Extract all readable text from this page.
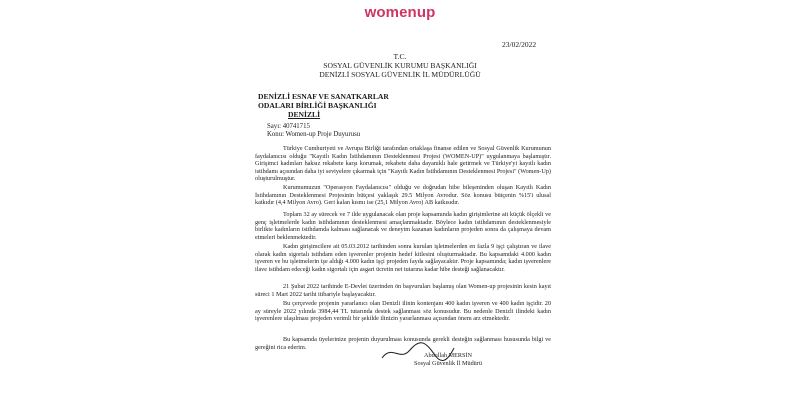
womenup
23/02/2022
T.C.
SOSYAL GÜVENLİK KURUMU BAŞKANLIĞI
DENİZLİ SOSYAL GÜVENLİK İL MÜDÜRLÜĞÜ
DENİZLİ ESNAF VE SANATKARLAR
ODALARI BİRLİĞİ BAŞKANLIĞI
DENİZLİ
Sayı: 40741715
Konu: Women-up Proje Duyurusu

Türkiye Cumhuriyeti ve Avrupa Birliği tarafından ortaklaşa finanse edilen ve Sosyal Güvenlik Kurumunun faydalanıcısı olduğu "Kayıtlı Kadın İstihdamının Desteklenmesi Projesi (WOMEN-UP)" uygulanmaya başlamıştır. Girişimci kadınları haksız rekabete karşı korumak, rekabete daha dayanıklı hale getirmek ve Türkiye'yi kayıtlı kadın istihdamı açısından daha iyi seviyelere çıkarmak için "Kayıtlı Kadın İstihdamının Desteklenmesi Projesi" (Women-Up) oluşturulmuştur.

Kurumumuzun "Operasyon Faydalanıcısı" olduğu ve doğrudan hibe bileşeninden oluşan Kayıtlı Kadın İstihdamının Desteklenmesi Projesinin bütçesi yaklaşık 29.5 Milyon Avrodur. Söz konusu bütçenin %15'i ulusal katkıdır (4,4 Milyon Avro). Geri kalan kısmı ise (25,1 Milyon Avro) AB katkısıdır.

Toplam 32 ay sürecek ve 7 ilde uygulanacak olan proje kapsamında kadın girişimlerine ait küçük ölçekli ve genç işletmelerde kadın istihdamının desteklenmesi amaçlanmaktadır. Böylece kadın istihdamının desteklenmesiyle birlikte kadınların istihdamda kalması sağlanacak ve deneyim kazanan kadınların projeden sonra da çalışmaya devam etmeleri beklenmektedir.

Kadın girişimcilere ait 05.03.2012 tarihinden sonra kurulan işletmelerden en fazla 9 işçi çalıştıran ve ilave olarak kadın sigortalı istihdam eden işverenler projenin hedef kitlesini oluşturmaktadır. Bu kapsamdaki 4.000 kadın işveren ve bu işletmelerin işe aldığı 4.000 kadın işçi projeden fayda sağlayacaktır. Proje kapsamında; kadın işverenlere ilave istihdam edeceği kadın sigortalı için asgari ücretin net tutarına kadar hibe desteği sağlanacaktır.

21 Şubat 2022 tarihinde E-Devlet üzerinden ön başvuruları başlamış olan Women-up projesinin kesin kayıt süreci 1 Mart 2022 tarihi itibariyle başlayacaktır.

Bu çerçevede projenin yararlanıcı olan Denizli ilinin kontenjanı 400 kadın işveren ve 400 kadın işçidir. 20 ay süreyle 2022 yılında 3984,44 TL tutarında destek sağlanması söz konusudur. Bu nedenle Denizli ilindeki kadın işverenlere ulaşılması projeden verimli bir şekilde ilinizin yararlanması açısından önem arz etmektedir.

Bu kapsamda üyelerinize projenin duyurulması konusunda gerekli desteğin sağlanması hususunda bilgi ve gereğini rica ederim.

Abdullah MERSİN
Sosyal Güvenlik İl Müdürü
